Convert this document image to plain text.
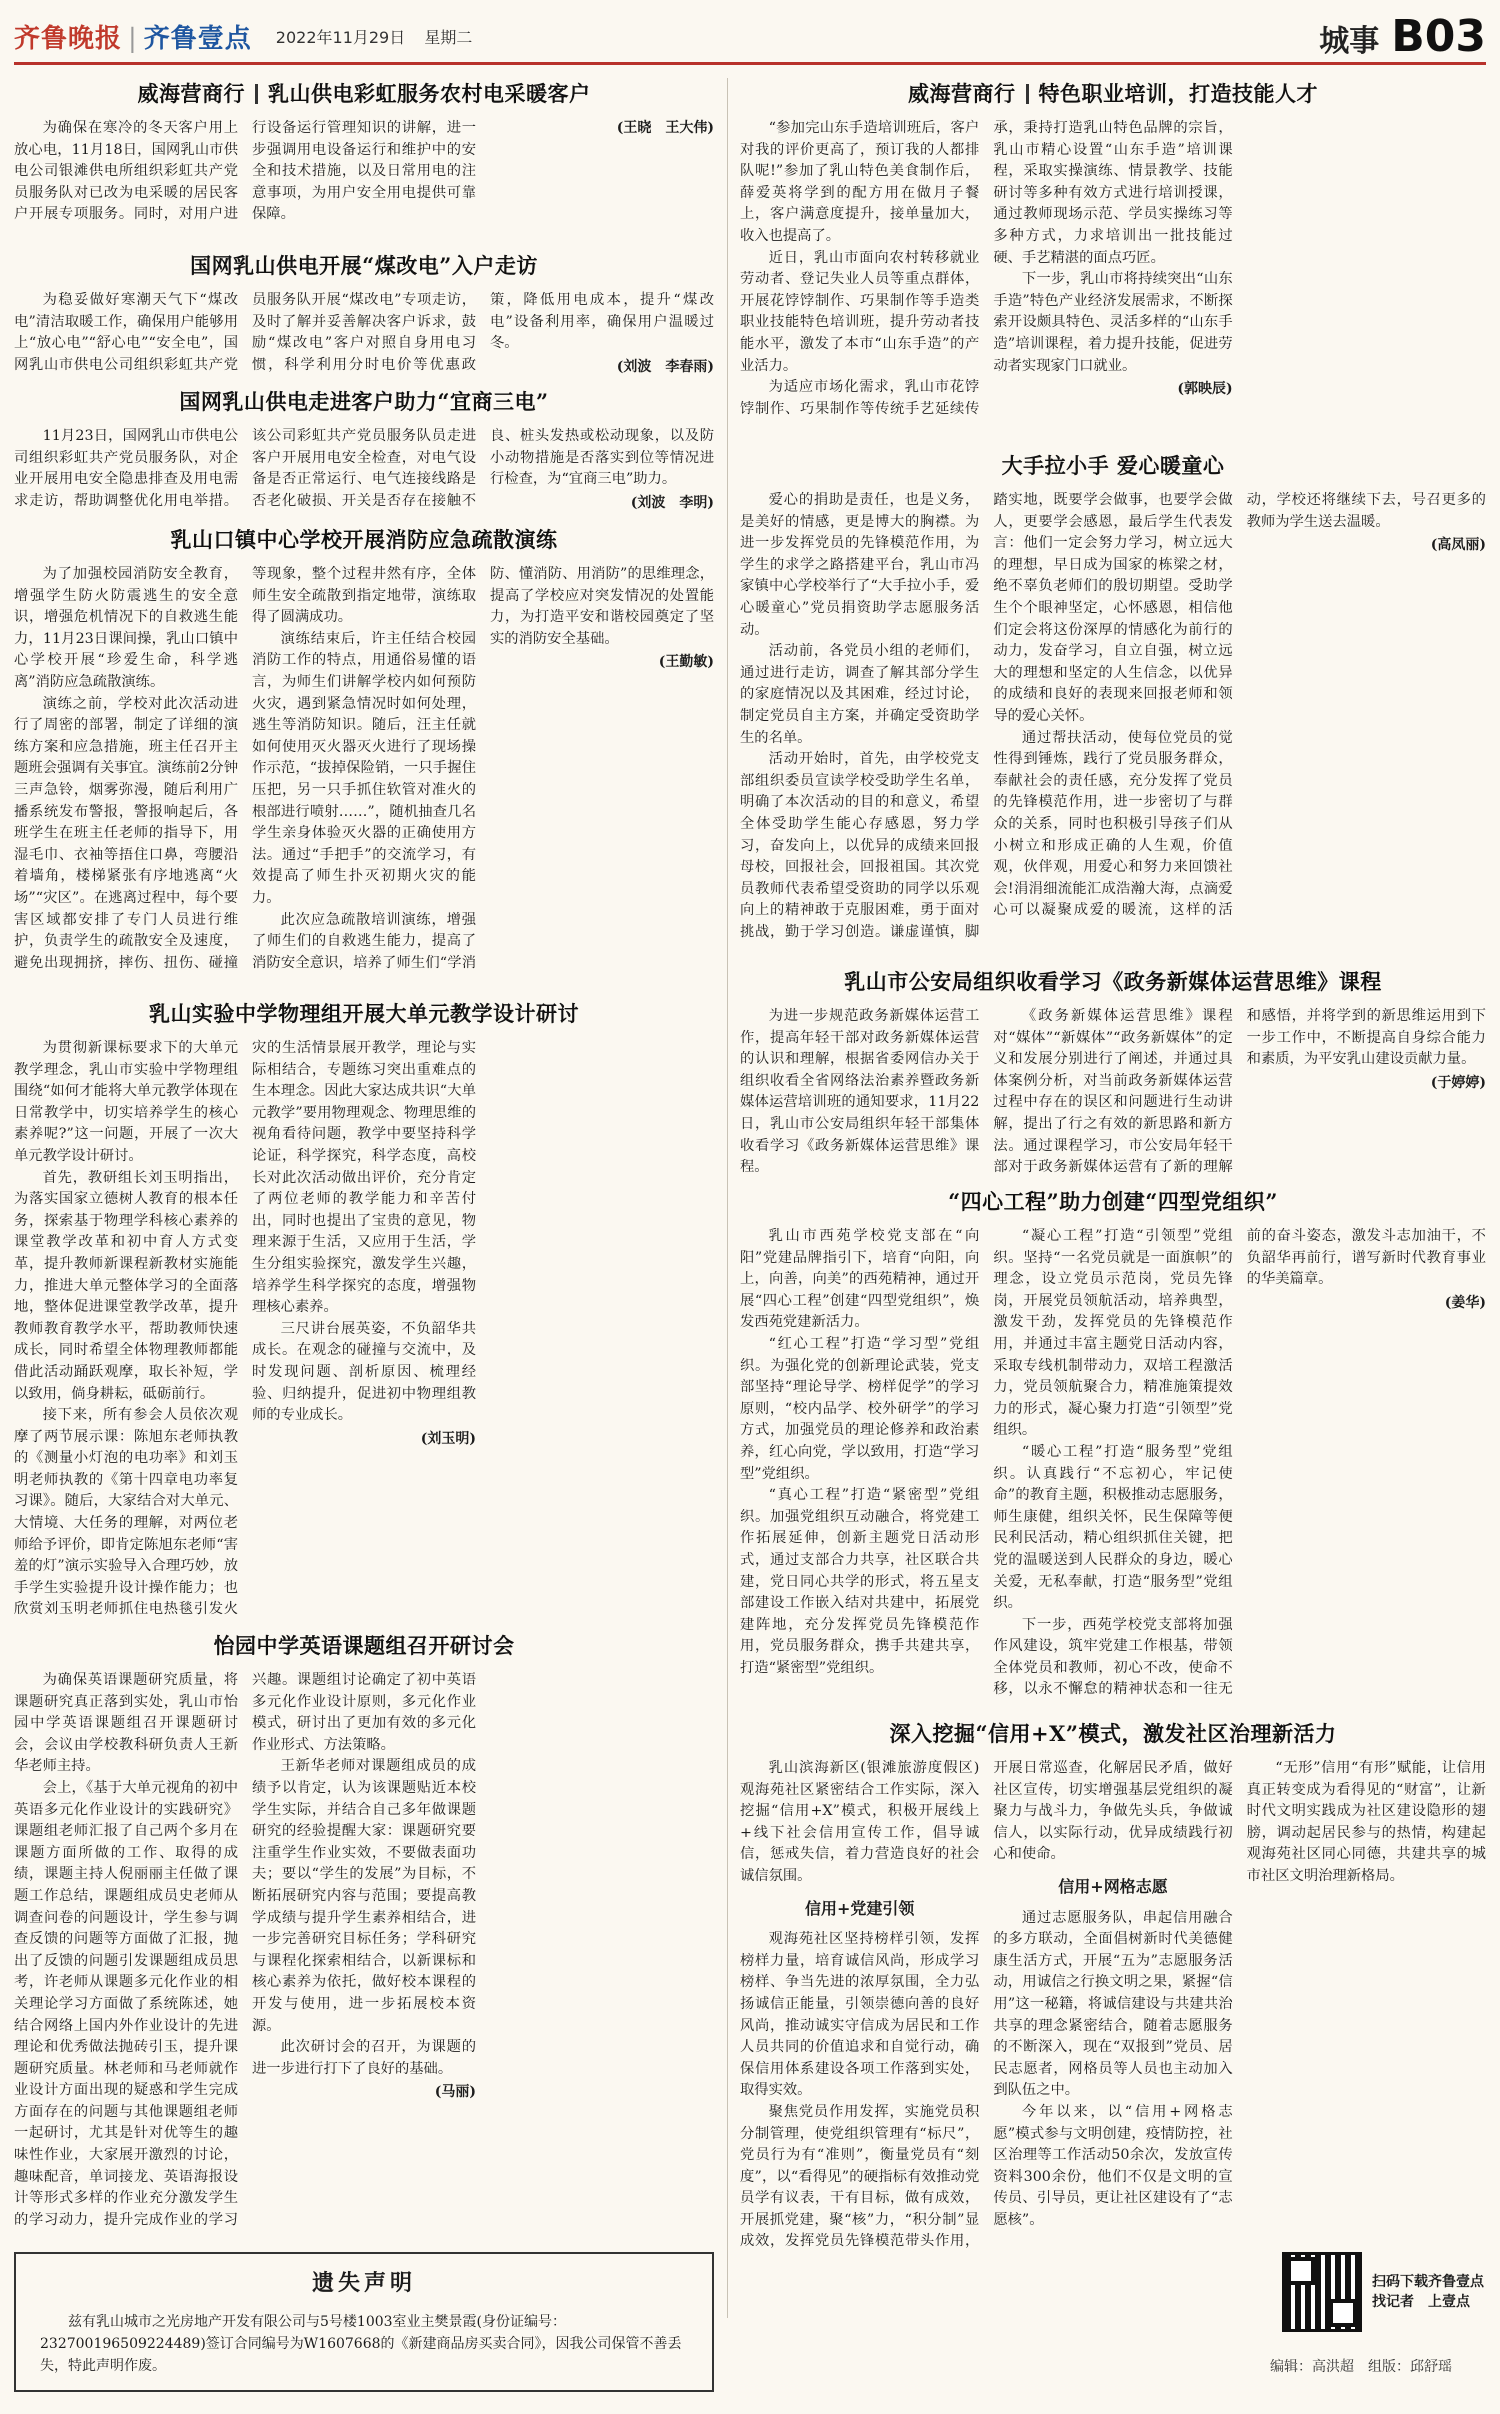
齐鲁晚报 | 齐鲁壹点 2022年11月29日 星期二	城事 B03
威海营商行 乳山供电彩虹服务农村电采暖客户

为确保在寒冷的冬天客户用上放心电，11月18日，国网乳山市供电公司银滩供电所组织彩虹共产党员服务队对已改为电采暖的居民客户开展专项服务。同时，对用户进行设备运行管理知识的讲解，进一步强调用电设备运行和维护中的安全和技术措施，以及日常用电的注意事项，为用户安全用电提供可靠保障。

(王晓　王大伟)
国网乳山供电开展“煤改电”入户走访

为稳妥做好寒潮天气下“煤改电”清洁取暖工作，确保用户能够用上“放心电”“舒心电”“安全电”，国网乳山市供电公司组织彩虹共产党员服务队开展“煤改电”专项走访，及时了解并妥善解决客户诉求，鼓励“煤改电”客户对照自身用电习惯，科学利用分时电价等优惠政策，降低用电成本，提升“煤改电”设备利用率，确保用户温暖过冬。

(刘波　李春雨)
国网乳山供电走进客户助力“宜商三电”

11月23日，国网乳山市供电公司组织彩虹共产党员服务队，对企业开展用电安全隐患排查及用电需求走访，帮助调整优化用电举措。该公司彩虹共产党员服务队员走进客户开展用电安全检查，对电气设备是否正常运行、电气连接线路是否老化破损、开关是否存在接触不良、桩头发热或松动现象，以及防小动物措施是否落实到位等情况进行检查，为“宜商三电”助力。

(刘波　李明)
乳山口镇中心学校开展消防应急疏散演练

为了加强校园消防安全教育，增强学生防火防震逃生的安全意识，增强危机情况下的自救逃生能力，11月23日课间操，乳山口镇中心学校开展“珍爱生命，科学逃离”消防应急疏散演练。

演练之前，学校对此次活动进行了周密的部署，制定了详细的演练方案和应急措施，班主任召开主题班会强调有关事宜。演练前2分钟三声急铃，烟雾弥漫，随后利用广播系统发布警报，警报响起后，各班学生在班主任老师的指导下，用湿毛巾、衣袖等捂住口鼻，弯腰沿着墙角，楼梯紧张有序地逃离“火场”“灾区”。在逃离过程中，每个要害区域都安排了专门人员进行维护，负责学生的疏散安全及速度，避免出现拥挤，摔伤、扭伤、碰撞等现象，整个过程井然有序，全体师生安全疏散到指定地带，演练取得了圆满成功。

演练结束后，许主任结合校园消防工作的特点，用通俗易懂的语言，为师生们讲解学校内如何预防火灾，遇到紧急情况时如何处理，逃生等消防知识。随后，汪主任就如何使用灭火器灭火进行了现场操作示范，“拔掉保险销，一只手握住压把，另一只手抓住软管对准火的根部进行喷射……”，随机抽查几名学生亲身体验灭火器的正确使用方法。通过“手把手”的交流学习，有效提高了师生扑灭初期火灾的能力。

此次应急疏散培训演练，增强了师生们的自救逃生能力，提高了消防安全意识，培养了师生们“学消防、懂消防、用消防”的思维理念，提高了学校应对突发情况的处置能力，为打造平安和谐校园奠定了坚实的消防安全基础。

(王勤敏)
乳山实验中学物理组开展大单元教学设计研讨

为贯彻新课标要求下的大单元教学理念，乳山市实验中学物理组围绕“如何才能将大单元教学体现在日常教学中，切实培养学生的核心素养呢?”这一问题，开展了一次大单元教学设计研讨。

首先，教研组长刘玉明指出，为落实国家立德树人教育的根本任务，探索基于物理学科核心素养的课堂教学改革和初中育人方式变革，提升教师新课程新教材实施能力，推进大单元整体学习的全面落地，整体促进课堂教学改革，提升教师教育教学水平，帮助教师快速成长，同时希望全体物理教师都能借此活动踊跃观摩，取长补短，学以致用，倘身耕耘，砥砺前行。

接下来，所有参会人员依次观摩了两节展示课：陈旭东老师执教的《测量小灯泡的电功率》和刘玉明老师执教的《第十四章电功率复习课》。随后，大家结合对大单元、大情境、大任务的理解，对两位老师给予评价，即肯定陈旭东老师“害羞的灯”演示实验导入合理巧妙，放手学生实验提升设计操作能力；也欣赏刘玉明老师抓住电热毯引发火灾的生活情景展开教学，理论与实际相结合，专题练习突出重难点的生本理念。因此大家达成共识“大单元教学”要用物理观念、物理思维的视角看待问题，教学中要坚持科学论证，科学探究，科学态度，高校长对此次活动做出评价，充分肯定了两位老师的教学能力和辛苦付出，同时也提出了宝贵的意见，物理来源于生活，又应用于生活，学生分组实验探究，激发学生兴趣，培养学生科学探究的态度，增强物理核心素养。

三尺讲台展英姿，不负韶华共成长。在观念的碰撞与交流中，及时发现问题、剖析原因、梳理经验、归纳提升，促进初中物理组教师的专业成长。

(刘玉明)
怡园中学英语课题组召开研讨会

为确保英语课题研究质量，将课题研究真正落到实处，乳山市怡园中学英语课题组召开课题研讨会，会议由学校教科研负责人王新华老师主持。

会上，《基于大单元视角的初中英语多元化作业设计的实践研究》课题组老师汇报了自己两个多月在课题方面所做的工作、取得的成绩，课题主持人倪丽丽主任做了课题工作总结，课题组成员史老师从调查问卷的问题设计，学生参与调查反馈的问题等方面做了汇报，抛出了反馈的问题引发课题组成员思考，许老师从课题多元化作业的相关理论学习方面做了系统陈述，她结合网络上国内外作业设计的先进理论和优秀做法抛砖引玉，提升课题研究质量。林老师和马老师就作业设计方面出现的疑惑和学生完成方面存在的问题与其他课题组老师一起研讨，尤其是针对优等生的趣味性作业，大家展开激烈的讨论，趣味配音，单词接龙、英语海报设计等形式多样的作业充分激发学生的学习动力，提升完成作业的学习兴趣。课题组讨论确定了初中英语多元化作业设计原则，多元化作业模式，研讨出了更加有效的多元化作业形式、方法策略。

王新华老师对课题组成员的成绩予以肯定，认为该课题贴近本校学生实际，并结合自己多年做课题研究的经验提醒大家：课题研究要注重学生作业实效，不要做表面功夫；要以“学生的发展”为目标，不断拓展研究内容与范围；要提高教学成绩与提升学生素养相结合，进一步完善研究目标任务；学科研究与课程化探索相结合，以新课标和核心素养为依托，做好校本课程的开发与使用，进一步拓展校本资源。

此次研讨会的召开，为课题的进一步进行打下了良好的基础。

(马丽)
威海营商行 特色职业培训，打造技能人才

“参加完山东手造培训班后，客户对我的评价更高了，预订我的人都排队呢!”参加了乳山特色美食制作后，薛爱英将学到的配方用在做月子餐上，客户满意度提升，接单量加大，收入也提高了。

近日，乳山市面向农村转移就业劳动者、登记失业人员等重点群体，开展花饽饽制作、巧果制作等手造类职业技能特色培训班，提升劳动者技能水平，激发了本市“山东手造”的产业活力。

为适应市场化需求，乳山市花饽饽制作、巧果制作等传统手艺延续传承，秉持打造乳山特色品牌的宗旨，乳山市精心设置“山东手造”培训课程，采取实操演练、情景教学、技能研讨等多种有效方式进行培训授课，通过教师现场示范、学员实操练习等多种方式，力求培训出一批技能过硬、手艺精湛的面点巧匠。

下一步，乳山市将持续突出“山东手造”特色产业经济发展需求，不断探索开设颇具特色、灵活多样的“山东手造”培训课程，着力提升技能，促进劳动者实现家门口就业。

(郭映辰)
大手拉小手 爱心暖童心

爱心的捐助是责任，也是义务，是美好的情感，更是博大的胸襟。为进一步发挥党员的先锋模范作用，为学生的求学之路搭建平台，乳山市冯家镇中心学校举行了“大手拉小手，爱心暖童心”党员捐资助学志愿服务活动。

活动前，各党员小组的老师们，通过进行走访，调查了解其部分学生的家庭情况以及其困难，经过讨论，制定党员自主方案，并确定受资助学生的名单。

活动开始时，首先，由学校党支部组织委员宣读学校受助学生名单，明确了本次活动的目的和意义，希望全体受助学生能心存感恩，努力学习，奋发向上，以优异的成绩来回报母校，回报社会，回报祖国。其次党员教师代表希望受资助的同学以乐观向上的精神敢于克服困难，勇于面对挑战，勤于学习创造。谦虚谨慎，脚踏实地，既要学会做事，也要学会做人，更要学会感恩，最后学生代表发言：他们一定会努力学习，树立远大的理想，早日成为国家的栋梁之材，绝不辜负老师们的殷切期望。受助学生个个眼神坚定，心怀感恩，相信他们定会将这份深厚的情感化为前行的动力，发奋学习，自立自强，树立远大的理想和坚定的人生信念，以优异的成绩和良好的表现来回报老师和领导的爱心关怀。

通过帮扶活动，使每位党员的觉性得到锤炼，践行了党员服务群众，奉献社会的责任感，充分发挥了党员的先锋模范作用，进一步密切了与群众的关系，同时也积极引导孩子们从小树立和形成正确的人生观，价值观，伙伴观，用爱心和努力来回馈社会!涓涓细流能汇成浩瀚大海，点滴爱心可以凝聚成爱的暖流，这样的活动，学校还将继续下去，号召更多的教师为学生送去温暖。

(高凤丽)
乳山市公安局组织收看学习《政务新媒体运营思维》课程

为进一步规范政务新媒体运营工作，提高年轻干部对政务新媒体运营的认识和理解，根据省委网信办关于组织收看全省网络法治素养暨政务新媒体运营培训班的通知要求，11月22日，乳山市公安局组织年轻干部集体收看学习《政务新媒体运营思维》课程。

《政务新媒体运营思维》课程对“媒体”“新媒体”“政务新媒体”的定义和发展分别进行了阐述，并通过具体案例分析，对当前政务新媒体运营过程中存在的误区和问题进行生动讲解，提出了行之有效的新思路和新方法。通过课程学习，市公安局年轻干部对于政务新媒体运营有了新的理解和感悟，并将学到的新思维运用到下一步工作中，不断提高自身综合能力和素质，为平安乳山建设贡献力量。

(于婷婷)
“四心工程”助力创建“四型党组织”

乳山市西苑学校党支部在“向阳”党建品牌指引下，培育“向阳，向上，向善，向美”的西苑精神，通过开展“四心工程”创建“四型党组织”，焕发西苑党建新活力。

“红心工程”打造“学习型”党组织。为强化党的创新理论武装，党支部坚持“理论导学、榜样促学”的学习原则，“校内品学、校外研学”的学习方式，加强党员的理论修养和政治素养，红心向党，学以致用，打造“学习型”党组织。

“真心工程”打造“紧密型”党组织。加强党组织互动融合，将党建工作拓展延伸，创新主题党日活动形式，通过支部合力共享，社区联合共建，党日同心共学的形式，将五星支部建设工作嵌入结对共建中，拓展党建阵地，充分发挥党员先锋模范作用，党员服务群众，携手共建共享，打造“紧密型”党组织。

“凝心工程”打造“引领型”党组织。坚持“一名党员就是一面旗帜”的理念，设立党员示范岗，党员先锋岗，开展党员领航活动，培养典型，激发干劲，发挥党员的先锋模范作用，并通过丰富主题党日活动内容，采取专线机制带动力，双培工程激活力，党员领航聚合力，精准施策提效力的形式，凝心聚力打造“引领型”党组织。

“暖心工程”打造“服务型”党组织。认真践行“不忘初心，牢记使命”的教育主题，积极推动志愿服务，师生康健，组织关怀，民生保障等便民利民活动，精心组织抓住关键，把党的温暖送到人民群众的身边，暖心关爱，无私奉献，打造“服务型”党组织。

下一步，西苑学校党支部将加强作风建设，筑牢党建工作根基，带领全体党员和教师，初心不改，使命不移，以永不懈怠的精神状态和一往无前的奋斗姿态，激发斗志加油干，不负韶华再前行，谱写新时代教育事业的华美篇章。

(姜华)
深入挖掘“信用+X”模式，激发社区治理新活力

乳山滨海新区(银滩旅游度假区)观海苑社区紧密结合工作实际，深入挖掘“信用+X”模式，积极开展线上+线下社会信用宣传工作，倡导诚信，惩戒失信，着力营造良好的社会诚信氛围。

信用+党建引领

观海苑社区坚持榜样引领，发挥榜样力量，培育诚信风尚，形成学习榜样、争当先进的浓厚氛围，全力弘扬诚信正能量，引领崇德向善的良好风尚，推动诚实守信成为居民和工作人员共同的价值追求和自觉行动，确保信用体系建设各项工作落到实处，取得实效。

聚焦党员作用发挥，实施党员积分制管理，使党组织管理有“标尺”，党员行为有“准则”，衡量党员有“刻度”，以“看得见”的硬指标有效推动党员学有议表，干有目标，做有成效，开展抓党建，聚“核”力，“积分制”显成效，发挥党员先锋模范带头作用，开展日常巡查，化解居民矛盾，做好社区宣传，切实增强基层党组织的凝聚力与战斗力，争做先头兵，争做诚信人，以实际行动，优异成绩践行初心和使命。

信用+网格志愿

通过志愿服务队，串起信用融合的多方联动，全面倡树新时代美德健康生活方式，开展“五为”志愿服务活动，用诚信之行换文明之果，紧握“信用”这一秘籍，将诚信建设与共建共治共享的理念紧密结合，随着志愿服务的不断深入，现在“双报到”党员、居民志愿者，网格员等人员也主动加入到队伍之中。

今年以来，以“信用+网格志愿”模式参与文明创建，疫情防控，社区治理等工作活动50余次，发放宣传资料300余份，他们不仅是文明的宣传员、引导员，更让社区建设有了“志愿核”。

“无形”信用“有形”赋能，让信用真正转变成为看得见的“财富”，让新时代文明实践成为社区建设隐形的翅膀，调动起居民参与的热情，构建起观海苑社区同心同德，共建共享的城市社区文明治理新格局。

遗失声明
兹有乳山城市之光房地产开发有限公司与5号楼1003室业主樊景霞(身份证编号：232700196509224489)签订合同编号为W1607668的《新建商品房买卖合同》，因我公司保管不善丢失，特此声明作废。
扫码下载齐鲁壹点
找记者　上壹点
编辑：高洪超　组版：邱舒瑶
